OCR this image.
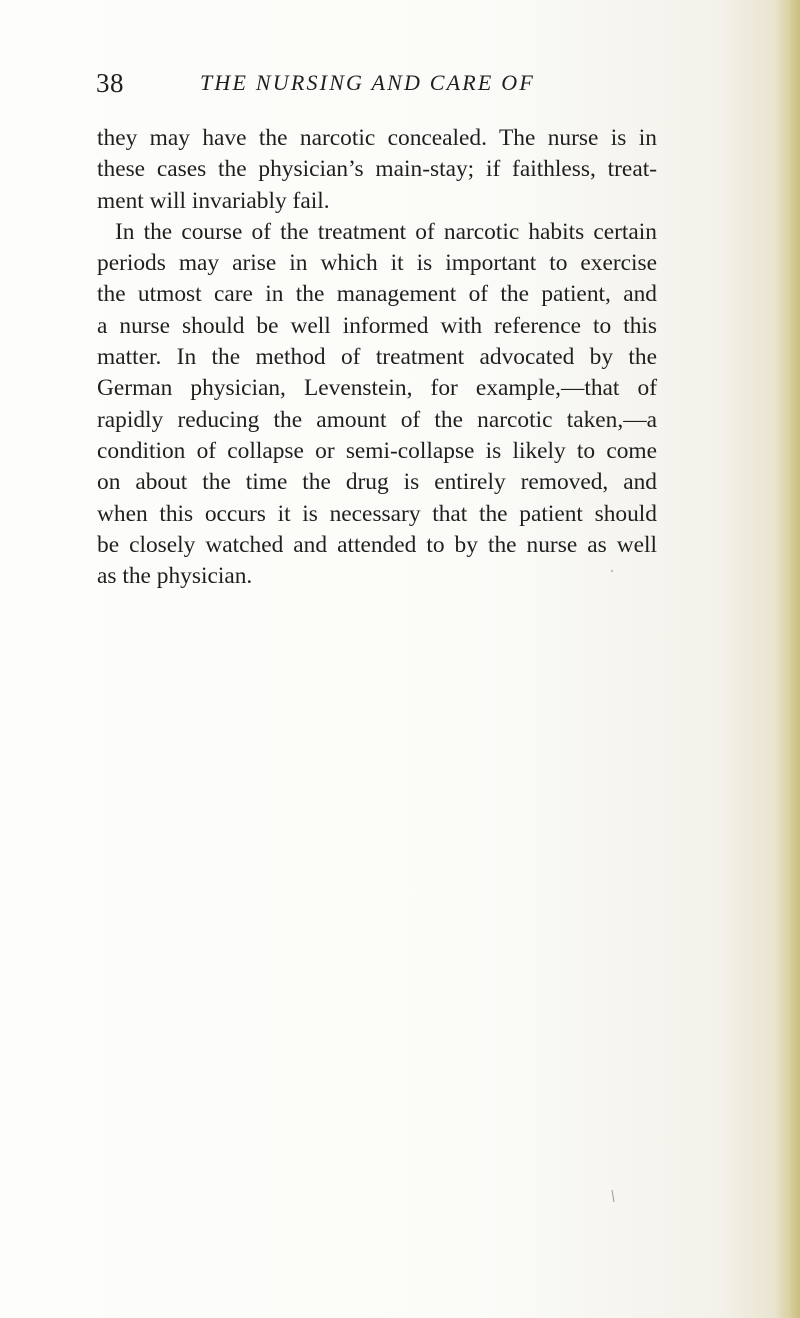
38	THE NURSING AND CARE OF
they may have the narcotic concealed. The nurse is in
these cases the physician’s main-stay; if faithless, treat-
ment will invariably fail.
In the course of the treatment of narcotic habits certain
periods may arise in which it is important to exercise
the utmost care in the management of the patient, and
a nurse should be well informed with reference to this
matter. In the method of treatment advocated by the
German physician, Levenstein, for example,—that of
rapidly reducing the amount of the narcotic taken,—a
condition of collapse or semi-collapse is likely to come
on about the time the drug is entirely removed, and
when this occurs it is necessary that the patient should
be closely watched and attended to by the nurse as well
as the physician.
